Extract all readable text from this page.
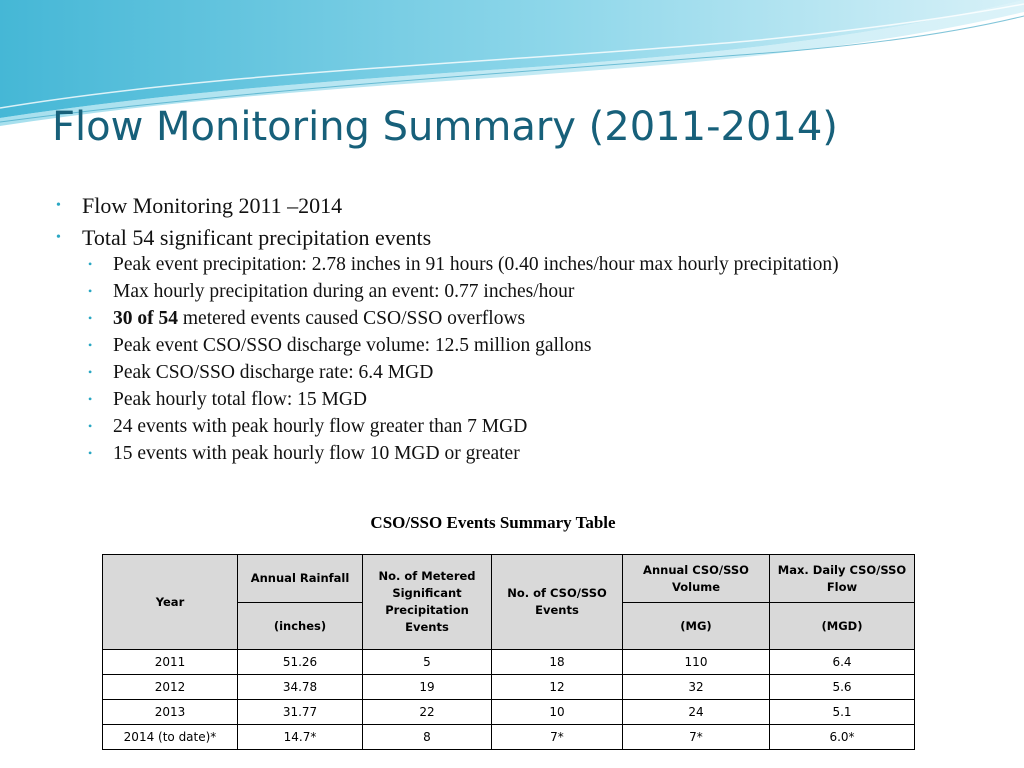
Flow Monitoring Summary (2011-2014)
• Flow Monitoring 2011 –2014
• Total 54 significant precipitation events
• Peak event precipitation: 2.78 inches in 91 hours (0.40 inches/hour max hourly precipitation)
• Max hourly precipitation during an event: 0.77 inches/hour
• 30 of 54 metered events caused CSO/SSO overflows
• Peak event CSO/SSO discharge volume: 12.5 million gallons
• Peak CSO/SSO discharge rate: 6.4 MGD
• Peak hourly total flow: 15 MGD
• 24 events with peak hourly flow greater than 7 MGD
• 15 events with peak hourly flow 10 MGD or greater
CSO/SSO Events Summary Table
Year	Annual Rainfall	No. of Metered Significant Precipitation Events	No. of CSO/SSO Events	Annual CSO/SSO Volume	Max. Daily CSO/SSO Flow
	(inches)			(MG)	(MGD)
2011	51.26	5	18	110	6.4
2012	34.78	19	12	32	5.6
2013	31.77	22	10	24	5.1
2014 (to date)*	14.7*	8	7*	7*	6.0*
